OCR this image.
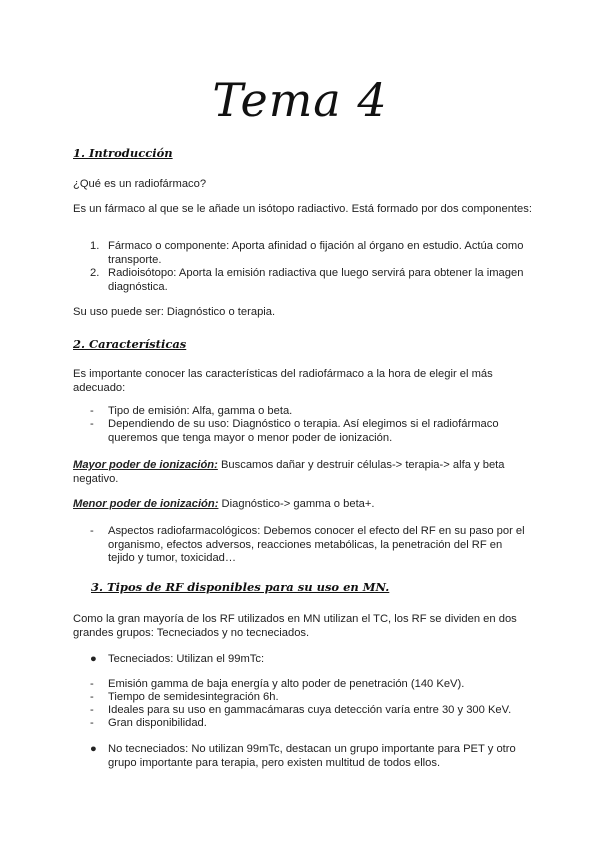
Tema 4
1. Introducción
¿Qué es un radiofármaco?
Es un fármaco al que se le añade un isótopo radiactivo. Está formado por dos componentes:
1. Fármaco o componente: Aporta afinidad o fijación al órgano en estudio. Actúa como transporte.
2. Radioisótopo: Aporta la emisión radiactiva que luego servirá para obtener la imagen diagnóstica.
Su uso puede ser: Diagnóstico o terapia.
2. Características
Es importante conocer las características del radiofármaco a la hora de elegir el más adecuado:
- Tipo de emisión: Alfa, gamma o beta.
- Dependiendo de su uso: Diagnóstico o terapia. Así elegimos si el radiofármaco queremos que tenga mayor o menor poder de ionización.
Mayor poder de ionización: Buscamos dañar y destruir células-> terapia-> alfa y beta negativo.
Menor poder de ionización: Diagnóstico-> gamma o beta+.
- Aspectos radiofarmacológicos: Debemos conocer el efecto del RF en su paso por el organismo, efectos adversos, reacciones metabólicas, la penetración del RF en tejido y tumor, toxicidad…
3. Tipos de RF disponibles para su uso en MN.
Como la gran mayoría de los RF utilizados en MN utilizan el TC, los RF se dividen en dos grandes grupos: Tecneciados y no tecneciados.
● Tecneciados: Utilizan el 99mTc:
- Emisión gamma de baja energía y alto poder de penetración (140 KeV).
- Tiempo de semidesintegración 6h.
- Ideales para su uso en gammacámaras cuya detección varía entre 30 y 300 KeV.
- Gran disponibilidad.
● No tecneciados: No utilizan 99mTc, destacan un grupo importante para PET y otro grupo importante para terapia, pero existen multitud de todos ellos.
